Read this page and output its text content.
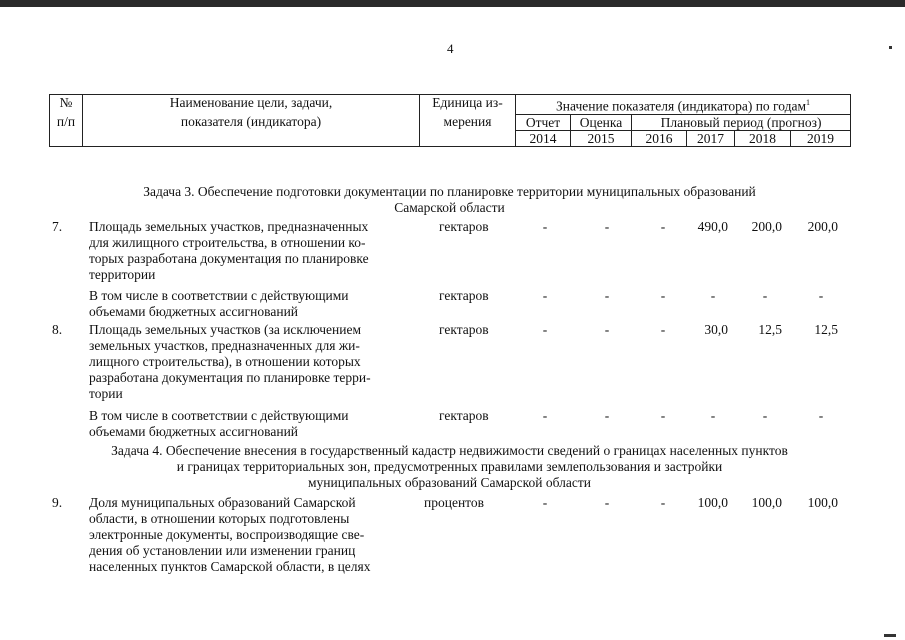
4
№	Наименование цели, задачи,	Единица из-	Значение показателя (индикатора) по годам$^1$
п/п	показателя (индикатора)	мерения	Отчет	Оценка	Плановый период (прогноз)			
			2014	2015	2016	2017	2018	2019
Задача 3. Обеспечение подготовки документации по планировке территории муниципальных образований
Самарской области
7. Площадь земельных участков, предназначенных
для жилищного строительства, в отношении ко-
торых разработана документация по планировке
территории
гектаров	-	-	-	490,0	200,0	200,0
В том числе в соответствии с действующими
объемами бюджетных ассигнований
гектаров	-	-	-	-	-	-
8. Площадь земельных участков (за исключением
земельных участков, предназначенных для жи-
лищного строительства), в отношении которых
разработана документация по планировке терри-
тории
гектаров	-	-	-	30,0	12,5	12,5
В том числе в соответствии с действующими
объемами бюджетных ассигнований
гектаров	-	-	-	-	-	-
Задача 4. Обеспечение внесения в государственный кадастр недвижимости сведений о границах населенных пунктов
и границах территориальных зон, предусмотренных правилами землепользования и застройки
муниципальных образований Самарской области
9. Доля муниципальных образований Самарской
области, в отношении которых подготовлены
электронные документы, воспроизводящие све-
дения об установлении или изменении границ
населенных пунктов Самарской области, в целях
процентов	-	-	-	100,0	100,0	100,0
